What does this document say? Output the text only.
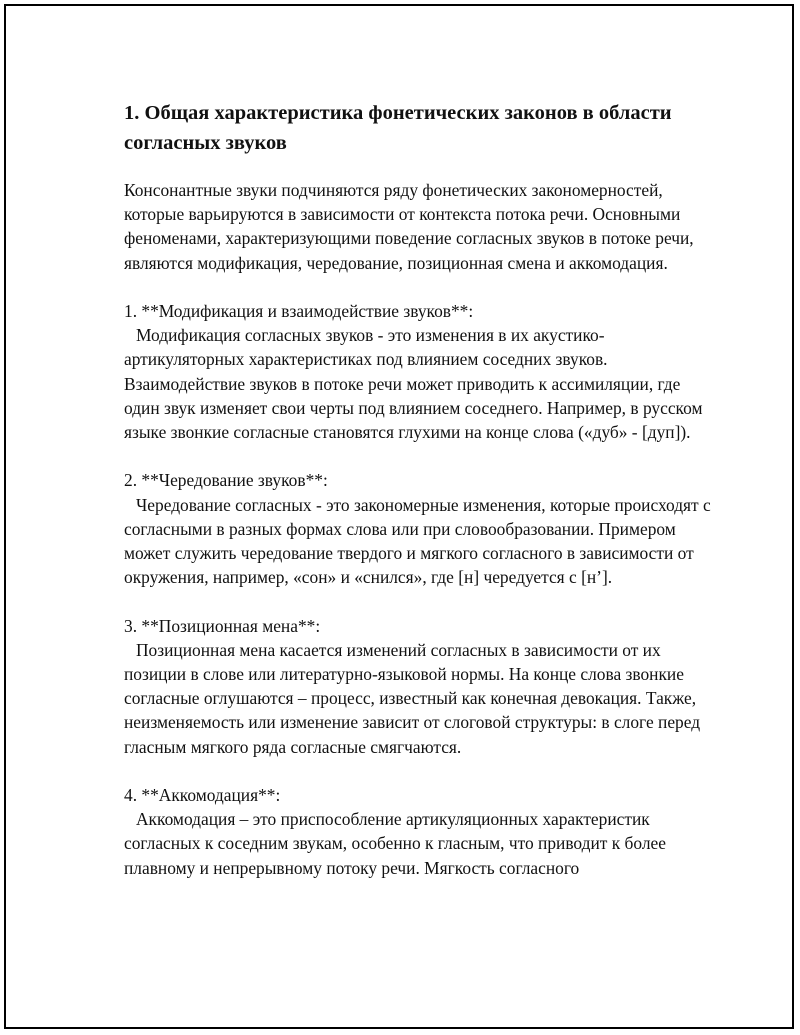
1. Общая характеристика фонетических законов в области согласных звуков

Консонантные звуки подчиняются ряду фонетических закономерностей, которые варьируются в зависимости от контекста потока речи. Основными феноменами, характеризующими поведение согласных звуков в потоке речи, являются модификация, чередование, позиционная смена и аккомодация.

1. **Модификация и взаимодействие звуков**:

Модификация согласных звуков - это изменения в их акустико-артикуляторных характеристиках под влиянием соседних звуков. Взаимодействие звуков в потоке речи может приводить к ассимиляции, где один звук изменяет свои черты под влиянием соседнего. Например, в русском языке звонкие согласные становятся глухими на конце слова («дуб» - [дуп]).

2. **Чередование звуков**:

Чередование согласных - это закономерные изменения, которые происходят с согласными в разных формах слова или при словообразовании. Примером может служить чередование твердого и мягкого согласного в зависимости от окружения, например, «сон» и «снился», где [н] чередуется с [н’].

3. **Позиционная мена**:

Позиционная мена касается изменений согласных в зависимости от их позиции в слове или литературно-языковой нормы. На конце слова звонкие согласные оглушаются – процесс, известный как конечная девокация. Также, неизменяемость или изменение зависит от слоговой структуры: в слоге перед гласным мягкого ряда согласные смягчаются.

4. **Аккомодация**:

Аккомодация – это приспособление артикуляционных характеристик согласных к соседним звукам, особенно к гласным, что приводит к более плавному и непрерывному потоку речи. Мягкость согласного
